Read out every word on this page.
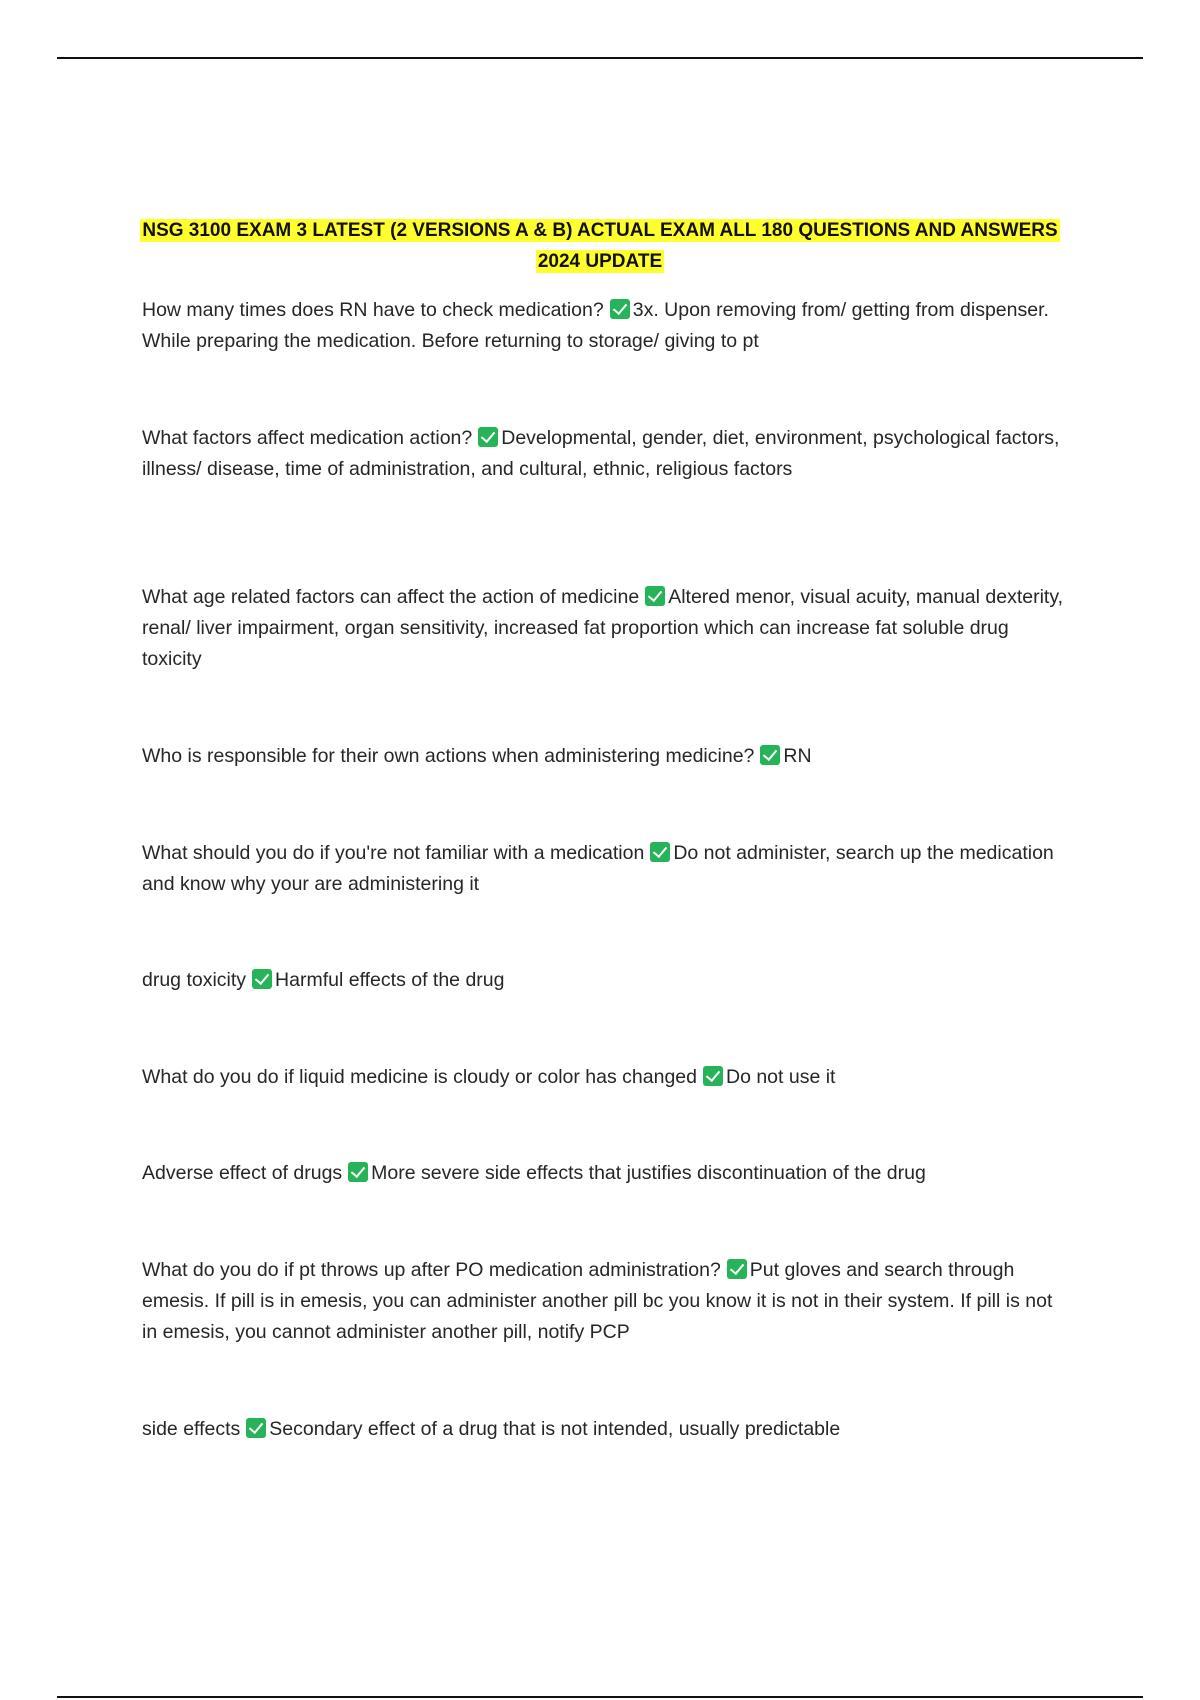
NSG 3100 EXAM 3 LATEST (2 VERSIONS A & B) ACTUAL EXAM ALL 180 QUESTIONS AND ANSWERS 2024 UPDATE
How many times does RN have to check medication? 3x. Upon removing from/ getting from dispenser. While preparing the medication. Before returning to storage/ giving to pt
What factors affect medication action? Developmental, gender, diet, environment, psychological factors, illness/ disease, time of administration, and cultural, ethnic, religious factors
What age related factors can affect the action of medicine Altered menor, visual acuity, manual dexterity, renal/ liver impairment, organ sensitivity, increased fat proportion which can increase fat soluble drug toxicity
Who is responsible for their own actions when administering medicine? RN
What should you do if you're not familiar with a medication Do not administer, search up the medication and know why your are administering it
drug toxicity Harmful effects of the drug
What do you do if liquid medicine is cloudy or color has changed Do not use it
Adverse effect of drugs More severe side effects that justifies discontinuation of the drug
What do you do if pt throws up after PO medication administration? Put gloves and search through emesis. If pill is in emesis, you can administer another pill bc you know it is not in their system. If pill is not in emesis, you cannot administer another pill, notify PCP
side effects Secondary effect of a drug that is not intended, usually predictable
